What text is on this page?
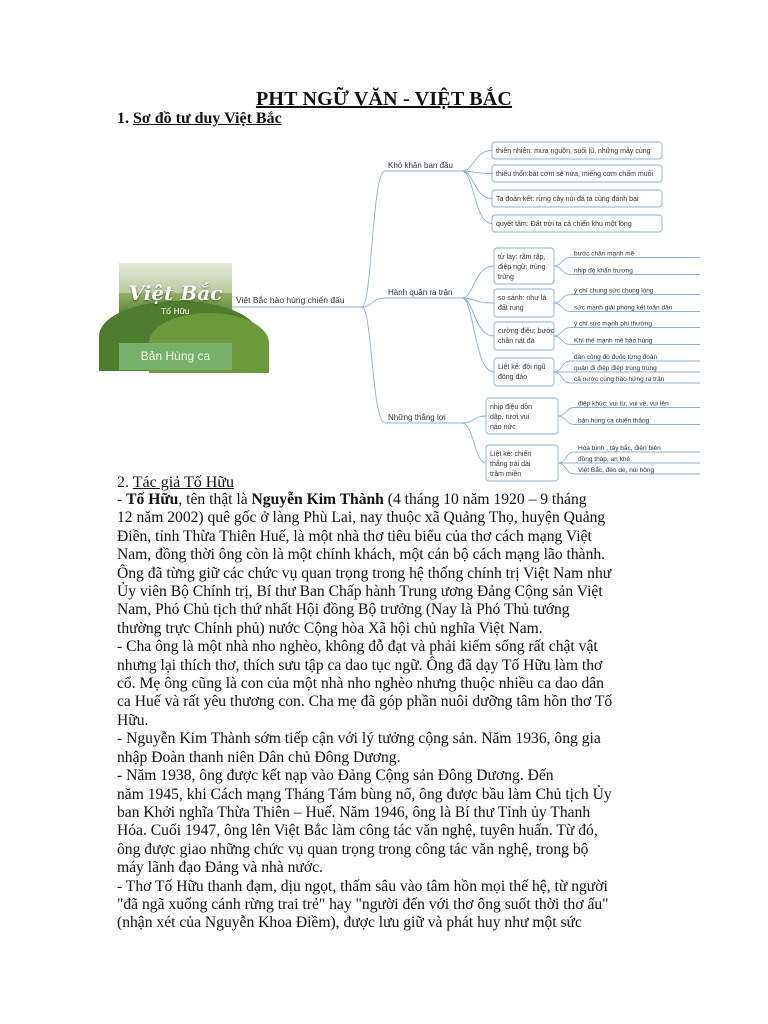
PHT NGỮ VĂN - VIỆT BẮC
1. Sơ đồ tư duy Việt Bắc
Việt Bắc hào hùng chiến đấu
Khó khăn ban đầu
thiên nhiên: mưa nguồn, suối lũ, những mây cùng
thiếu thốn:bát cơm sẻ nửa, miếng cơm chấm muối
Ta đoàn kết: rừng cây núi đá ta cùng đánh bại
quyết tâm: Đất trời ta cả chiến khu một lòng
Hành quân ra trận
từ láy: rầm rập,
điệp ngữ: trùng
trùng
bước chân mạnh mẽ
nhịp độ khẩn trương
so sánh: như là
đất rung
ý chí chung sức chung lòng
sức mạnh giải phóng kết toàn dân
cường điệu: bước
chân nát đá
ý chí sức mạnh phi thường
Khí thế mạnh mẽ hào hùng
Liệt kê: đội ngũ
đông đảo
dân công đỏ đuốc từng đoàn
quân đi điệp điệp trùng trùng
cả nước cùng hào hứng ra trận
Những thắng lợi
nhịp điệu dồn
dập, tươi vui
náo nức
điệp khúc: vui từ, vui về, vui lên
bản hùng ca chiến thắng
Liệt kê: chiến
thắng trải dài
trăm miền
Hòa bình , tây bắc, điện biên
đồng tháp, an khê
Việt Bắc, đèo de, núi hồng
Việt Bắc
Tố Hữu
Bản Hùng ca
2. Tác giả Tố Hữu

- Tố Hữu, tên thật là Nguyễn Kim Thành (4 tháng 10 năm 1920 – 9 tháng

12 năm 2002) quê gốc ở làng Phù Lai, nay thuộc xã Quảng Thọ, huyện Quảng

Điền, tỉnh Thừa Thiên Huế, là một nhà thơ tiêu biểu của thơ cách mạng Việt

Nam, đồng thời ông còn là một chính khách, một cán bộ cách mạng lão thành.

Ông đã từng giữ các chức vụ quan trọng trong hệ thống chính trị Việt Nam như

Ủy viên Bộ Chính trị, Bí thư Ban Chấp hành Trung ương Đảng Cộng sản Việt

Nam, Phó Chủ tịch thứ nhất Hội đồng Bộ trưởng (Nay là Phó Thủ tướng

thường trực Chính phủ) nước Cộng hòa Xã hội chủ nghĩa Việt Nam.

- Cha ông là một nhà nho nghèo, không đỗ đạt và phải kiếm sống rất chật vật

nhưng lại thích thơ, thích sưu tập ca dao tục ngữ. Ông đã dạy Tố Hữu làm thơ

cổ. Mẹ ông cũng là con của một nhà nho nghèo nhưng thuộc nhiều ca dao dân

ca Huế và rất yêu thương con. Cha mẹ đã góp phần nuôi dưỡng tâm hồn thơ Tố

Hữu.

- Nguyễn Kim Thành sớm tiếp cận với lý tưởng cộng sản. Năm 1936, ông gia

nhập Đoàn thanh niên Dân chủ Đông Dương.

- Năm 1938, ông được kết nạp vào Đảng Cộng sản Đông Dương. Đến

năm 1945, khi Cách mạng Tháng Tám bùng nổ, ông được bầu làm Chủ tịch Ủy

ban Khởi nghĩa Thừa Thiên – Huế. Năm 1946, ông là Bí thư Tỉnh ủy Thanh

Hóa. Cuối 1947, ông lên Việt Bắc làm công tác văn nghệ, tuyên huấn. Từ đó,

ông được giao những chức vụ quan trọng trong công tác văn nghệ, trong bộ

máy lãnh đạo Đảng và nhà nước.

- Thơ Tố Hữu thanh đạm, dịu ngọt, thấm sâu vào tâm hồn mọi thế hệ, từ người

"đã ngã xuống cánh rừng trai trẻ" hay "người đến với thơ ông suốt thời thơ ấu"

(nhận xét của Nguyễn Khoa Điềm), được lưu giữ và phát huy như một sức
